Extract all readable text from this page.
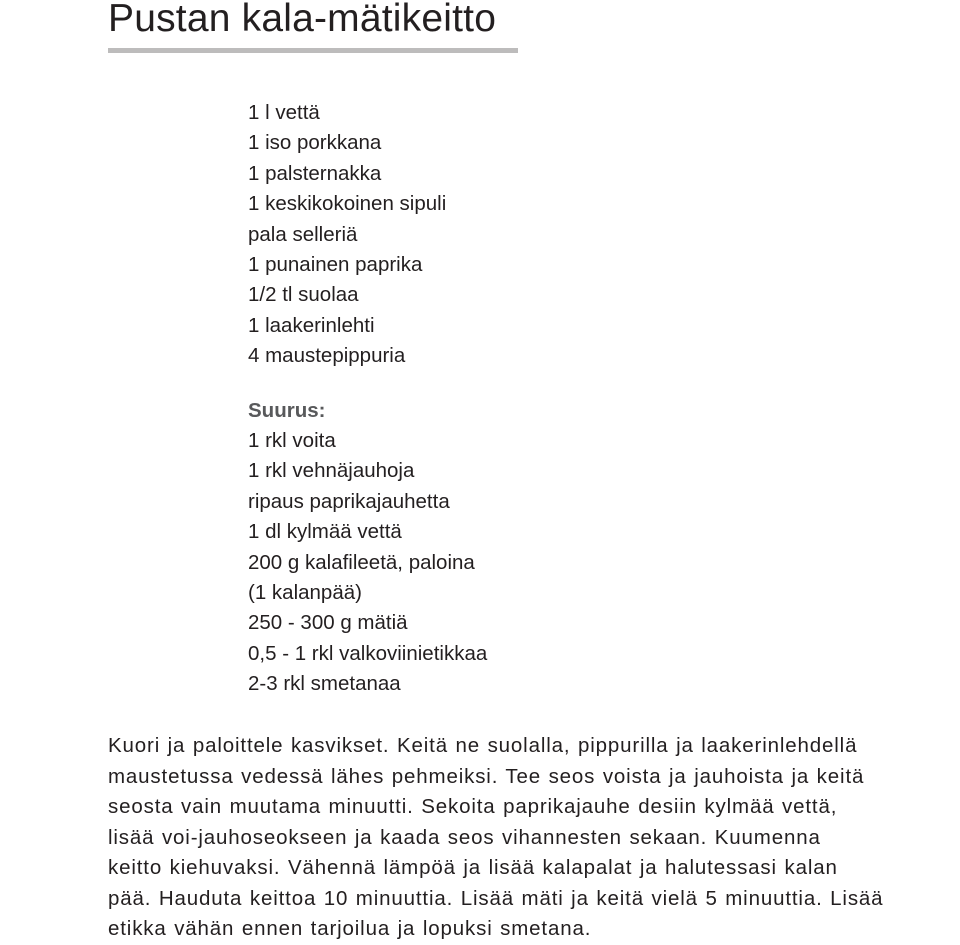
Pustan kala-mätikeitto
1 l vettä
1 iso porkkana
1 palsternakka
1 keskikokoinen sipuli
pala selleriä
1 punainen paprika
1/2 tl suolaa
1 laakerinlehti
4 maustepippuria
Suurus:
1 rkl voita
1 rkl vehnäjauhoja
ripaus paprikajauhetta
1 dl kylmää vettä
200 g kalafileetä, paloina
(1 kalanpää)
250 - 300 g mätiä
0,5 - 1 rkl valkoviinietikkaa
2-3 rkl smetanaa

Kuori ja paloittele kasvikset. Keitä ne suolalla, pippurilla ja laakerinlehdellä
maustetussa vedessä lähes pehmeiksi. Tee seos voista ja jauhoista ja keitä
seosta vain muutama minuutti. Sekoita paprikajauhe desiin kylmää vettä,
lisää voi-jauhoseokseen ja kaada seos vihannesten sekaan. Kuumenna
keitto kiehuvaksi. Vähennä lämpöä ja lisää kalapalat ja halutessasi kalan
pää. Hauduta keittoa 10 minuuttia. Lisää mäti ja keitä vielä 5 minuuttia. Lisää
etikka vähän ennen tarjoilua ja lopuksi smetana.
